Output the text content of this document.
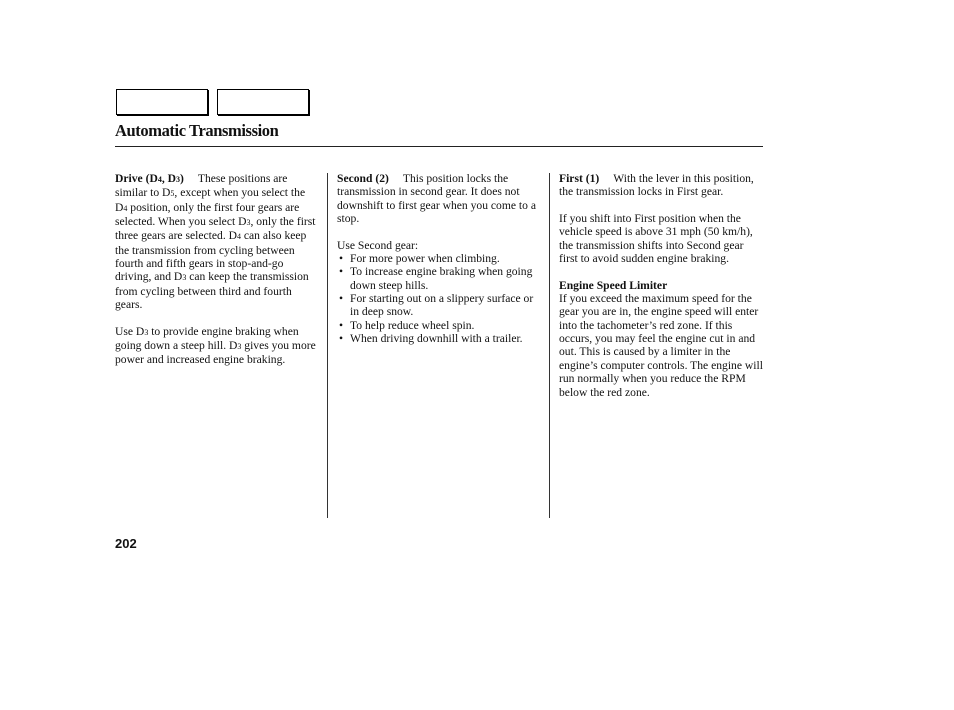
Automatic Transmission

Drive (D4, D3) These positions are similar to D5, except when you select the D4 position, only the first four gears are selected. When you select D3, only the first three gears are selected. D4 can also keep the transmission from cycling between fourth and fifth gears in stop-and-go driving, and D3 can keep the transmission from cycling between third and fourth gears.

Use D3 to provide engine braking when going down a steep hill. D3 gives you more power and increased engine braking.

Second (2) This position locks the transmission in second gear. It does not downshift to first gear when you come to a stop.

Use Second gear:
• For more power when climbing.
• To increase engine braking when going down steep hills.
• For starting out on a slippery surface or in deep snow.
• To help reduce wheel spin.
• When driving downhill with a trailer.

First (1) With the lever in this position, the transmission locks in First gear.

If you shift into First position when the vehicle speed is above 31 mph (50 km/h), the transmission shifts into Second gear first to avoid sudden engine braking.

Engine Speed Limiter
If you exceed the maximum speed for the gear you are in, the engine speed will enter into the tachometer’s red zone. If this occurs, you may feel the engine cut in and out. This is caused by a limiter in the engine’s computer controls. The engine will run normally when you reduce the RPM below the red zone.
202
